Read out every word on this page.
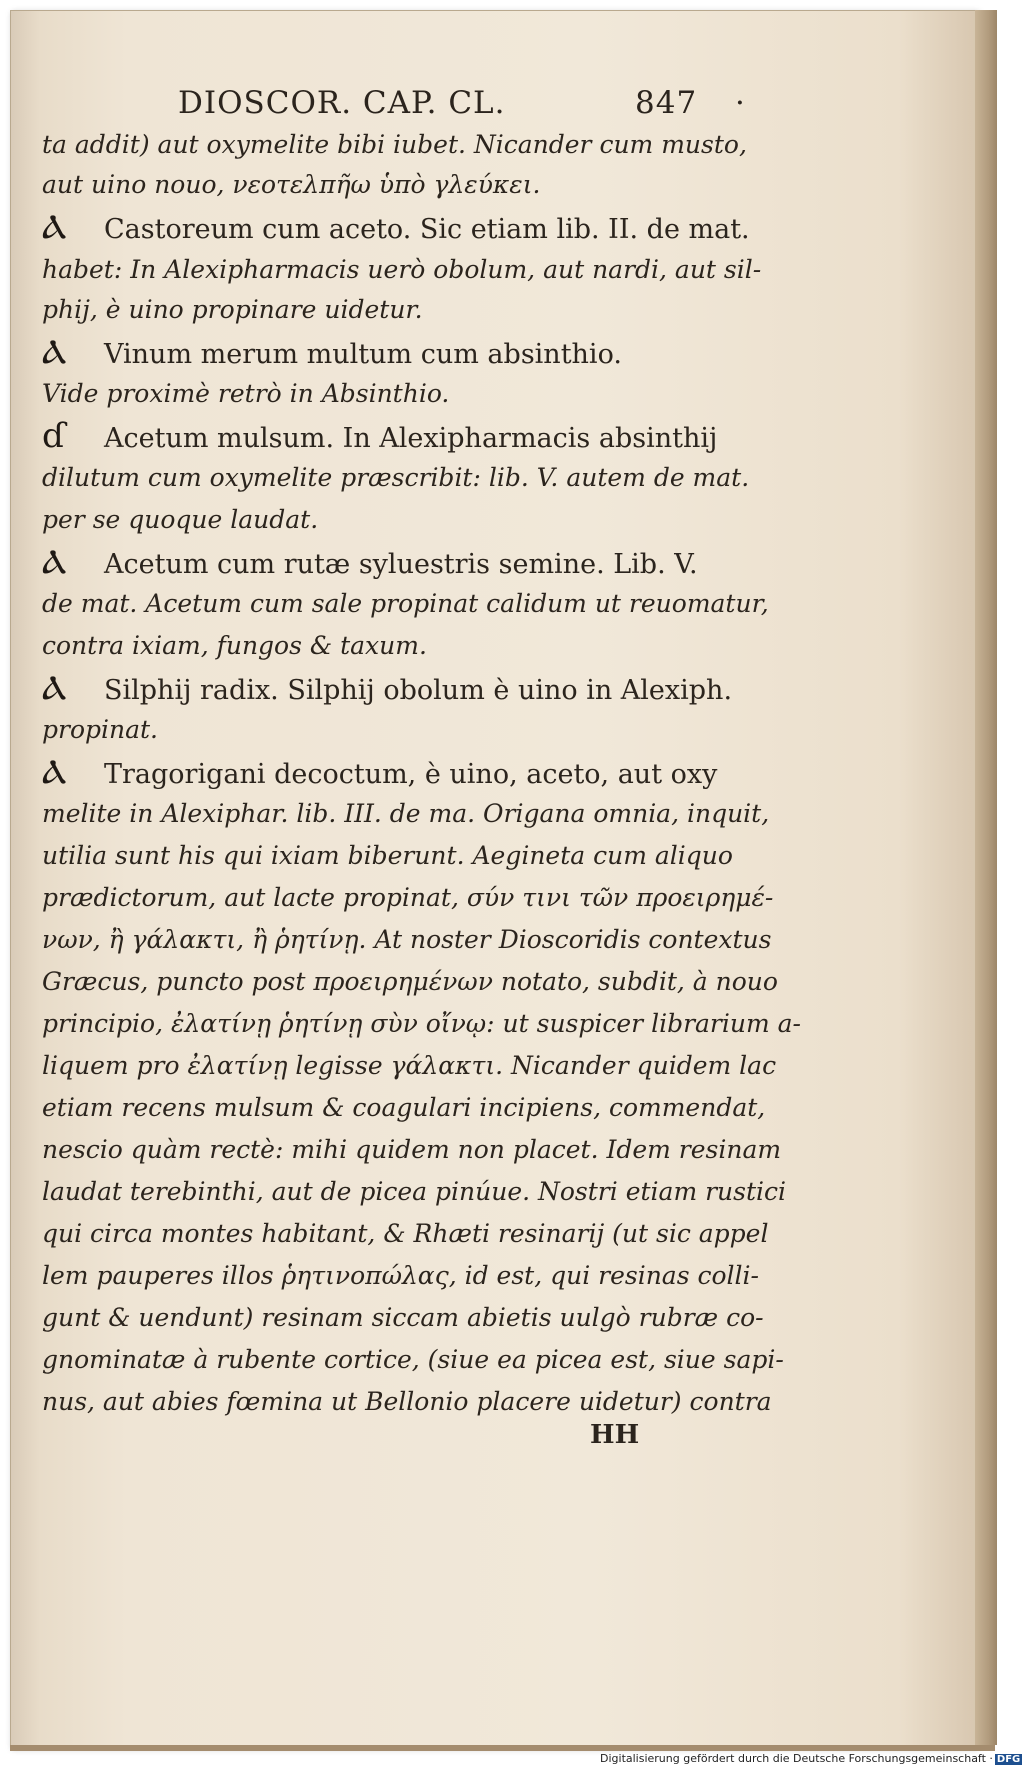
DIOSCOR. CAP. CL.	847 ·
ta addit) aut oxymelite bibi iubet. Nicander cum musto,
aut uino nouo, νεοτελπῆω ὑπὸ γλεύκει.
Ⲁ Castoreum cum aceto. Sic etiam lib. II. de mat.
habet: In Alexipharmacis uerò obolum, aut nardi, aut sil-
phij, è uino propinare uidetur.
Ⲁ Vinum merum multum cum absinthio.
Vide proximè retrò in Absinthio.
ɗ Acetum mulsum. In Alexipharmacis absinthij
dilutum cum oxymelite præscribit: lib. V. autem de mat.
per se quoque laudat.
Ⲁ Acetum cum rutæ syluestris semine. Lib. V.
de mat. Acetum cum sale propinat calidum ut reuomatur,
contra ixiam, fungos & taxum.
Ⲁ Silphij radix. Silphij obolum è uino in Alexiph.
propinat.
Ⲁ Tragorigani decoctum, è uino, aceto, aut oxy
melite in Alexiphar. lib. III. de ma. Origana omnia, inquit,
utilia sunt his qui ixiam biberunt. Aegineta cum aliquo
prædictorum, aut lacte propinat, σύν τινι τῶν προειρημέ-
νων, ἢ γάλακτι, ἢ ῥητίνῃ. At noster Dioscoridis contextus
Græcus, puncto post προειρημένων notato, subdit, à nouo
principio, ἐλατίνῃ ῥητίνῃ σὺν οἴνῳ: ut suspicer librarium a-
liquem pro ἐλατίνῃ legisse γάλακτι. Nicander quidem lac
etiam recens mulsum & coagulari incipiens, commendat,
nescio quàm rectè: mihi quidem non placet. Idem resinam
laudat terebinthi, aut de picea pinúue. Nostri etiam rustici
qui circa montes habitant, & Rhæti resinarij (ut sic appel
lem pauperes illos ῥητινοπώλας, id est, qui resinas colli-
gunt & uendunt) resinam siccam abietis uulgò rubræ co-
gnominatæ à rubente cortice, (siue ea picea est, siue sapi-
nus, aut abies fœmina ut Bellonio placere uidetur) contra
HH
Digitalisierung gefördert durch die Deutsche Forschungsgemeinschaft · DFG
